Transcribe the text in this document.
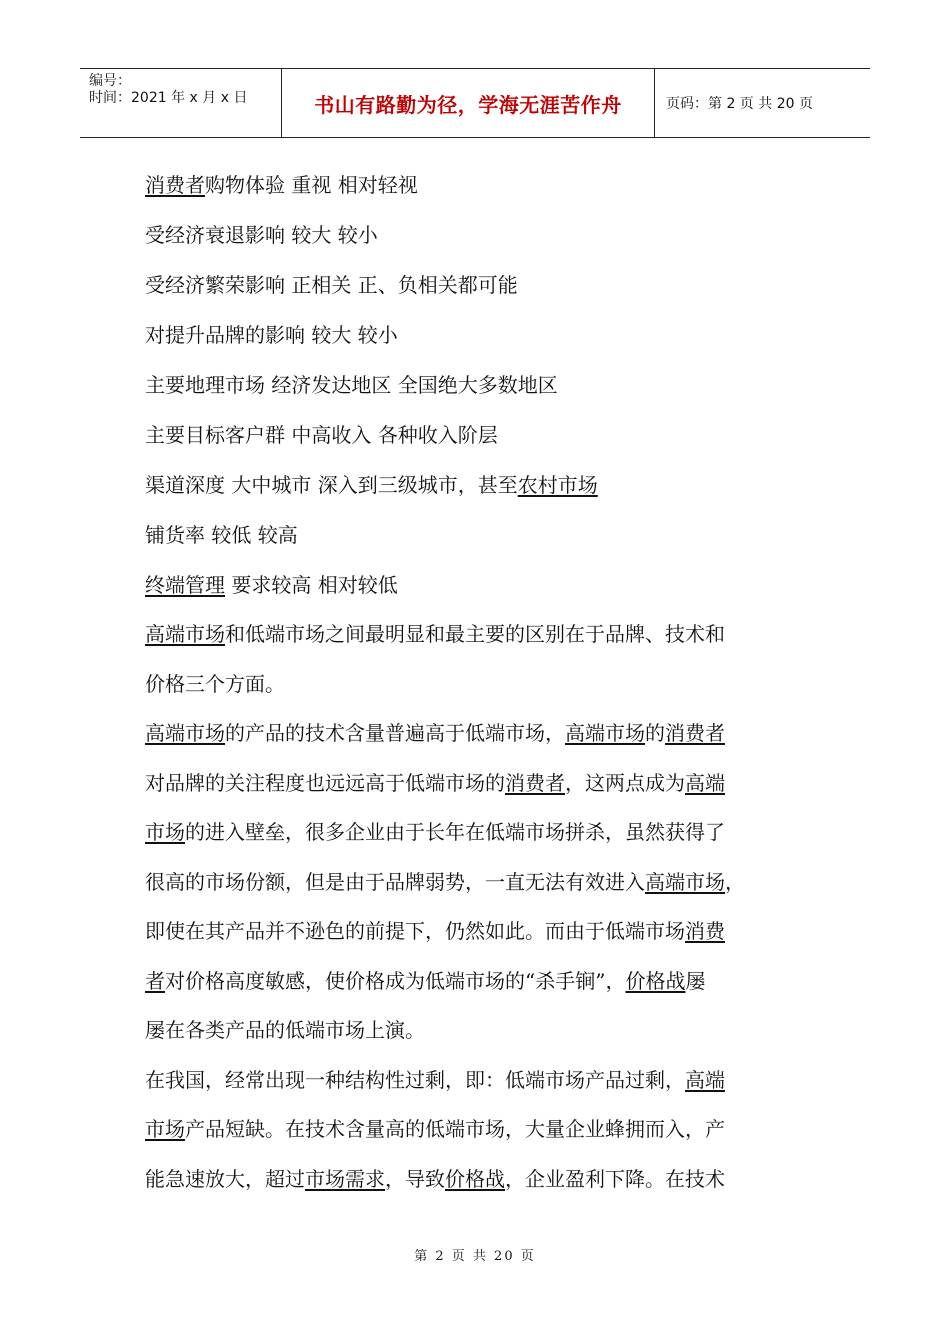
编号：
时间：2021 年 x 月 x 日	书山有路勤为径，学海无涯苦作舟	页码：第 2 页 共 20 页
消费者购物体验 重视 相对轻视
受经济衰退影响 较大 较小
受经济繁荣影响 正相关 正、负相关都可能
对提升品牌的影响 较大 较小
主要地理市场 经济发达地区 全国绝大多数地区
主要目标客户群 中高收入 各种收入阶层
渠道深度 大中城市 深入到三级城市，甚至农村市场
铺货率 较低 较高
终端管理 要求较高 相对较低
高端市场和低端市场之间最明显和最主要的区别在于品牌、技术和
价格三个方面。
高端市场的产品的技术含量普遍高于低端市场，高端市场的消费者
对品牌的关注程度也远远高于低端市场的消费者，这两点成为高端
市场的进入壁垒，很多企业由于长年在低端市场拼杀，虽然获得了
很高的市场份额，但是由于品牌弱势，一直无法有效进入高端市场，
即使在其产品并不逊色的前提下，仍然如此。而由于低端市场消费
者对价格高度敏感，使价格成为低端市场的“杀手锏”，价格战屡
屡在各类产品的低端市场上演。
在我国，经常出现一种结构性过剩，即：低端市场产品过剩，高端
市场产品短缺。在技术含量高的低端市场，大量企业蜂拥而入，产
能急速放大，超过市场需求，导致价格战，企业盈利下降。在技术
第 2 页 共 20 页
